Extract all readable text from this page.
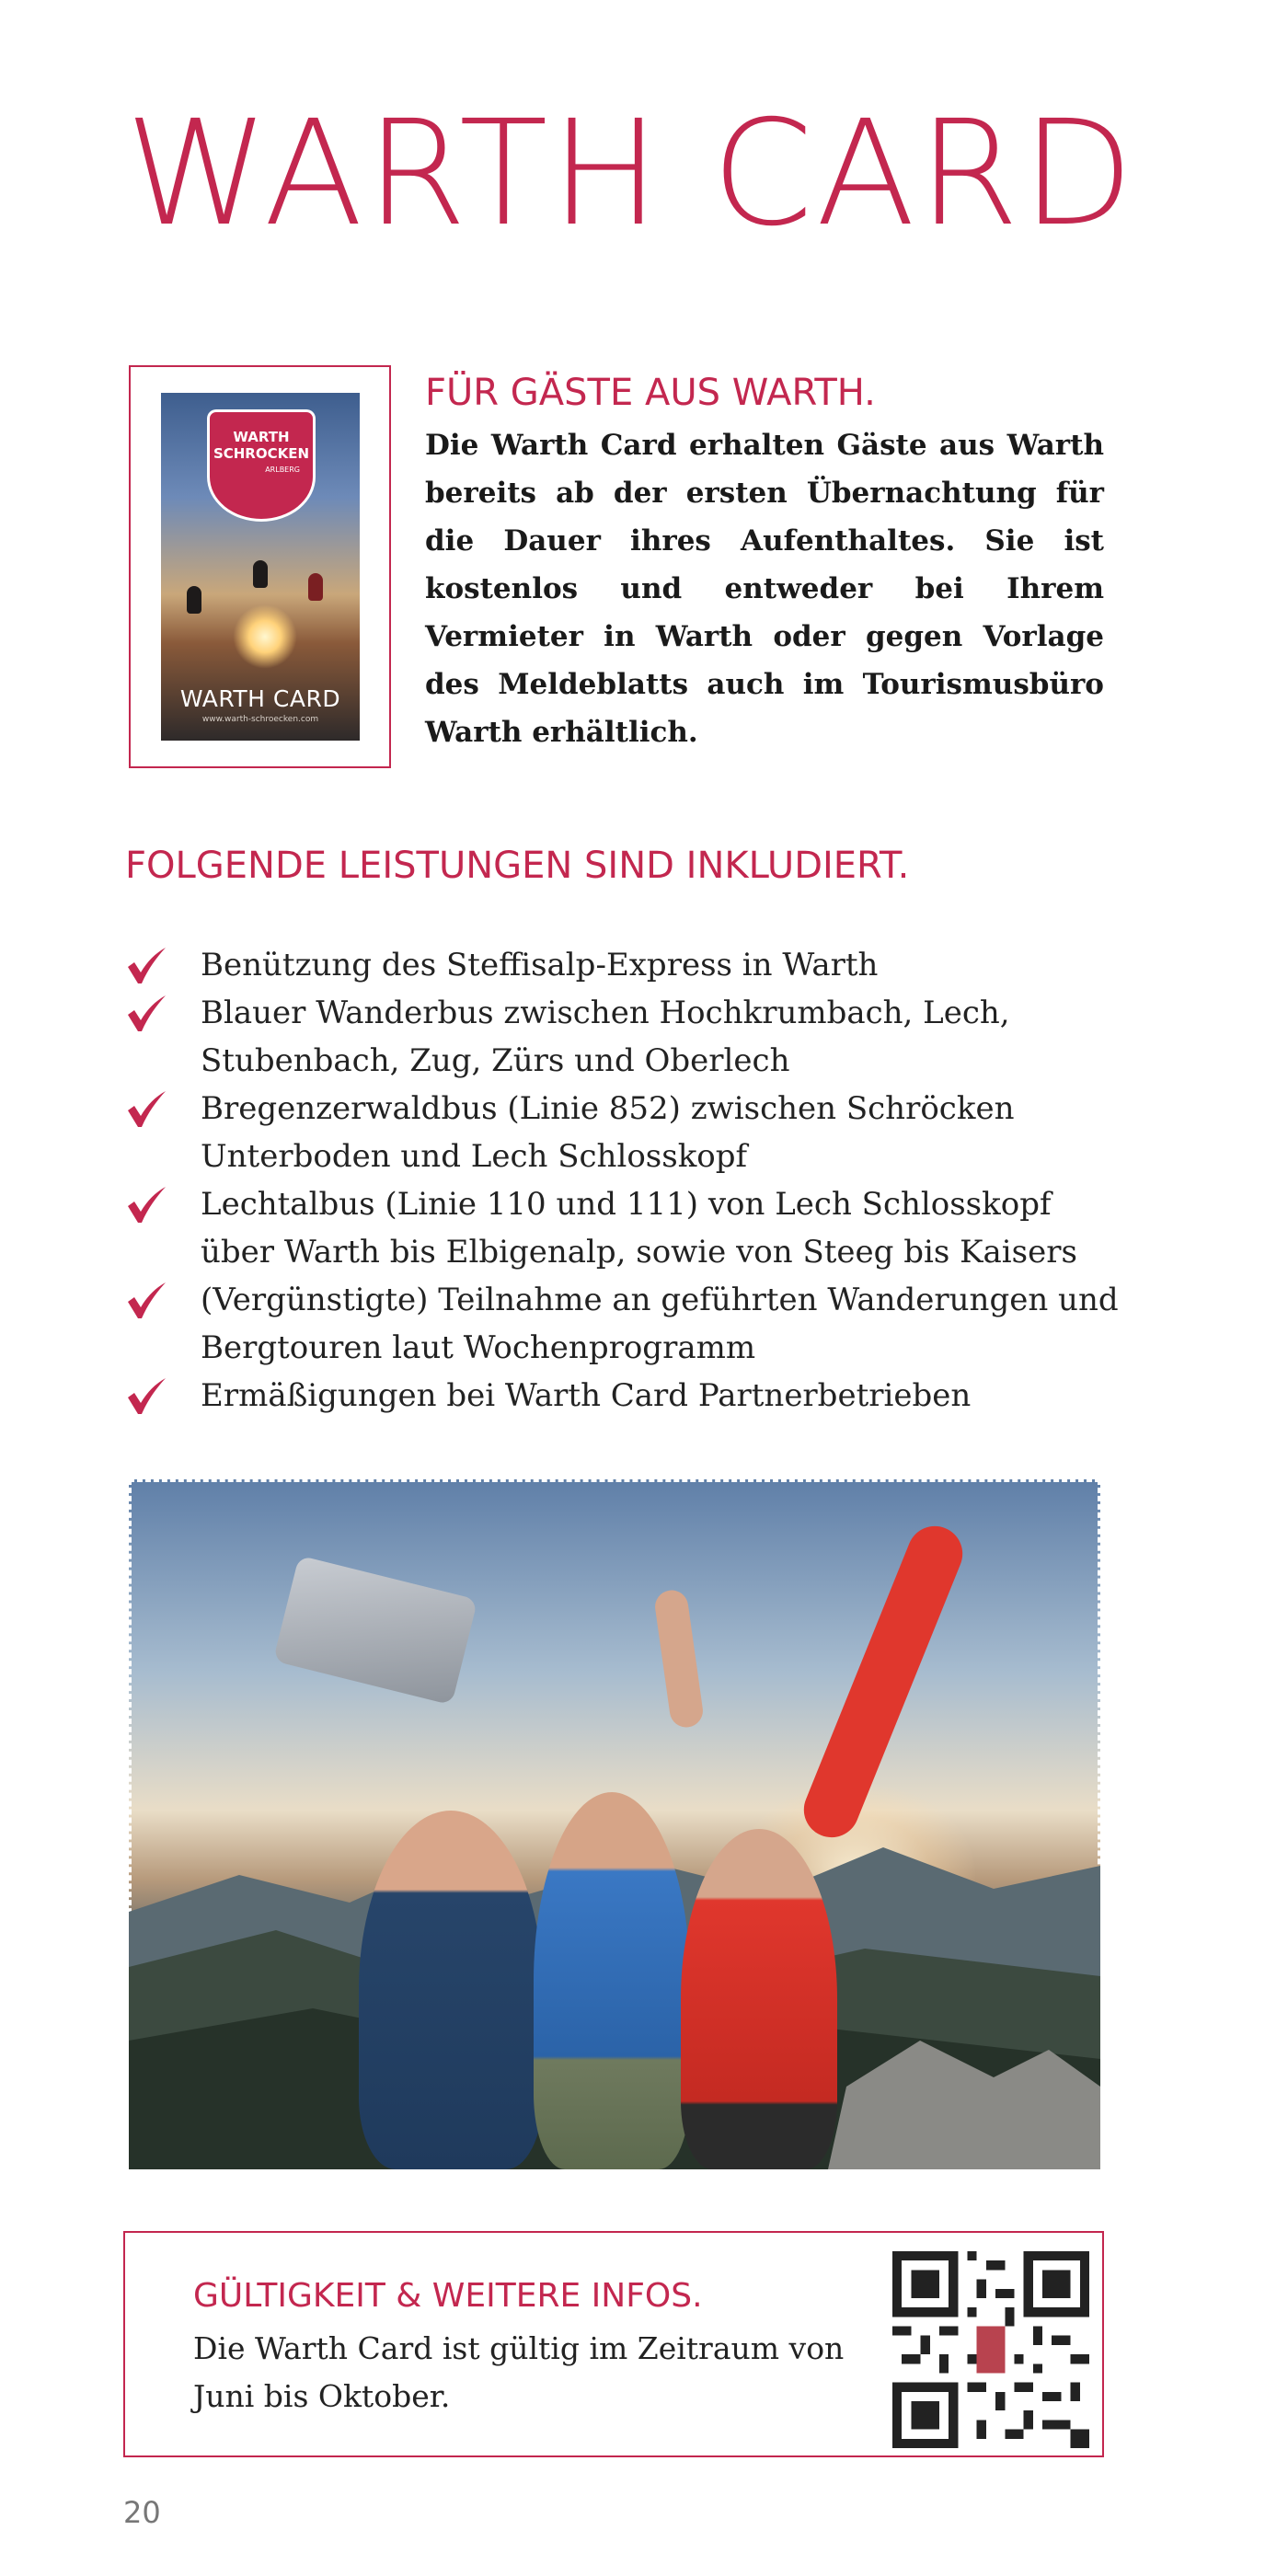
WARTH CARD
WARTH
SCHROCKEN
ARLBERG
WARTH CARD
www.warth-schroecken.com
FÜR GÄSTE AUS WARTH.

Die Warth Card erhalten Gäste aus Warth bereits ab der ersten Übernachtung für die Dauer ihres Aufenthaltes. Sie ist kostenlos und entweder bei Ihrem Vermieter in Warth oder gegen Vorlage des Meldeblatts auch im Tourismusbüro Warth erhältlich.

FOLGENDE LEISTUNGEN SIND INKLUDIERT.
Benützung des Steffisalp-Express in Warth
Blauer Wanderbus zwischen Hochkrumbach, Lech, Stubenbach, Zug, Zürs und Oberlech
Bregenzerwaldbus (Linie 852) zwischen Schröcken Unterboden und Lech Schlosskopf
Lechtalbus (Linie 110 und 111) von Lech Schlosskopf über Warth bis Elbigenalp, sowie von Steeg bis Kaisers
(Vergünstigte) Teilnahme an geführten Wanderungen und Bergtouren laut Wochenprogramm
Ermäßigungen bei Warth Card Partnerbetrieben
GÜLTIGKEIT & WEITERE INFOS.

Die Warth Card ist gültig im Zeitraum von Juni bis Oktober.

20
